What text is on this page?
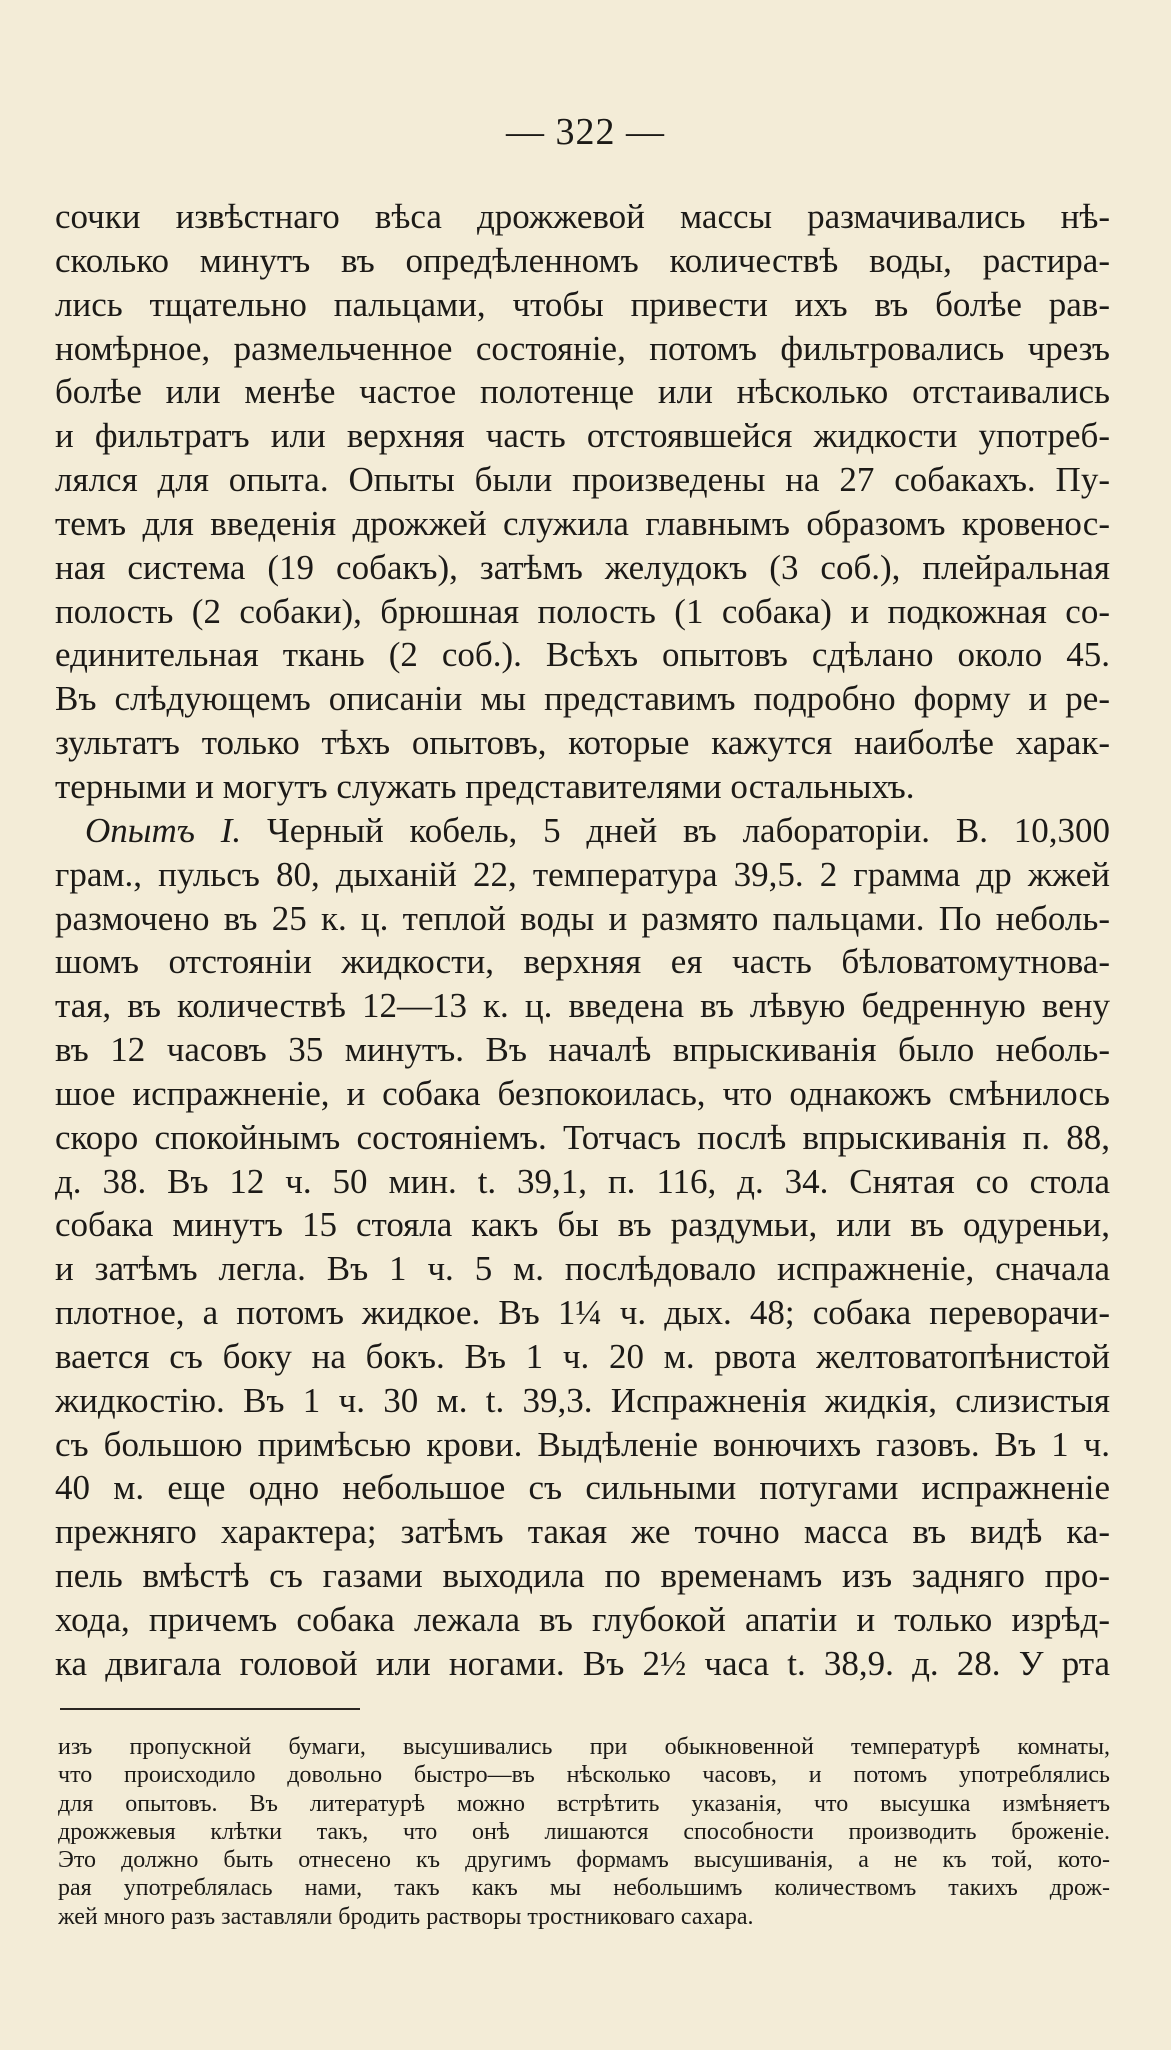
— 322 —
сочки извѣстнаго вѣса дрожжевой массы размачивались нѣ-
сколько минутъ въ опредѣленномъ количествѣ воды, растира-
лись тщательно пальцами, чтобы привести ихъ въ болѣе рав-
номѣрное, размельченное состояніе, потомъ фильтровались чрезъ
болѣе или менѣе частое полотенце или нѣсколько отстаивались
и фильтратъ или верхняя часть отстоявшейся жидкости употреб-
лялся для опыта. Опыты были произведены на 27 собакахъ. Пу-
темъ для введенія дрожжей служила главнымъ образомъ кровенос-
ная система (19 собакъ), затѣмъ желудокъ (3 соб.), плейральная
полость (2 собаки), брюшная полость (1 собака) и подкожная со-
единительная ткань (2 соб.). Всѣхъ опытовъ сдѣлано около 45.
Въ слѣдующемъ описаніи мы представимъ подробно форму и ре-
зультатъ только тѣхъ опытовъ, которые кажутся наиболѣе харак-
терными и могутъ служать представителями остальныхъ.
Опытъ I. Черный кобель, 5 дней въ лабораторіи. В. 10,300
грам., пульсъ 80, дыханій 22, температура 39,5. 2 грамма др жжей
размочено въ 25 к. ц. теплой воды и размято пальцами. По неболь-
шомъ отстояніи жидкости, верхняя ея часть бѣловатомутнова-
тая, въ количествѣ 12—13 к. ц. введена въ лѣвую бедренную вену
въ 12 часовъ 35 минутъ. Въ началѣ впрыскиванія было неболь-
шое испражненіе, и собака безпокоилась, что однакожъ смѣнилось
скоро спокойнымъ состояніемъ. Тотчасъ послѣ впрыскиванія п. 88,
д. 38. Въ 12 ч. 50 мин. t. 39,1, п. 116, д. 34. Снятая со стола
собака минутъ 15 стояла какъ бы въ раздумьи, или въ одуреньи,
и затѣмъ легла. Въ 1 ч. 5 м. послѣдовало испражненіе, сначала
плотное, а потомъ жидкое. Въ 1¼ ч. дых. 48; собака переворачи-
вается съ боку на бокъ. Въ 1 ч. 20 м. рвота желтоватопѣнистой
жидкостію. Въ 1 ч. 30 м. t. 39,3. Испражненія жидкія, слизистыя
съ большою примѣсью крови. Выдѣленіе вонючихъ газовъ. Въ 1 ч.
40 м. еще одно небольшое съ сильными потугами испражненіе
прежняго характера; затѣмъ такая же точно масса въ видѣ ка-
пель вмѣстѣ съ газами выходила по временамъ изъ задняго про-
хода, причемъ собака лежала въ глубокой апатіи и только изрѣд-
ка двигала головой или ногами. Въ 2½ часа t. 38,9. д. 28. У рта
изъ пропускной бумаги, высушивались при обыкновенной температурѣ комнаты,
что происходило довольно быстро—въ нѣсколько часовъ, и потомъ употреблялись
для опытовъ. Въ литературѣ можно встрѣтить указанія, что высушка измѣняетъ
дрожжевыя клѣтки такъ, что онѣ лишаются способности производить броженіе.
Это должно быть отнесено къ другимъ формамъ высушиванія, а не къ той, кото-
рая употреблялась нами, такъ какъ мы небольшимъ количествомъ такихъ дрож-
жей много разъ заставляли бродить растворы тростниковаго сахара.
